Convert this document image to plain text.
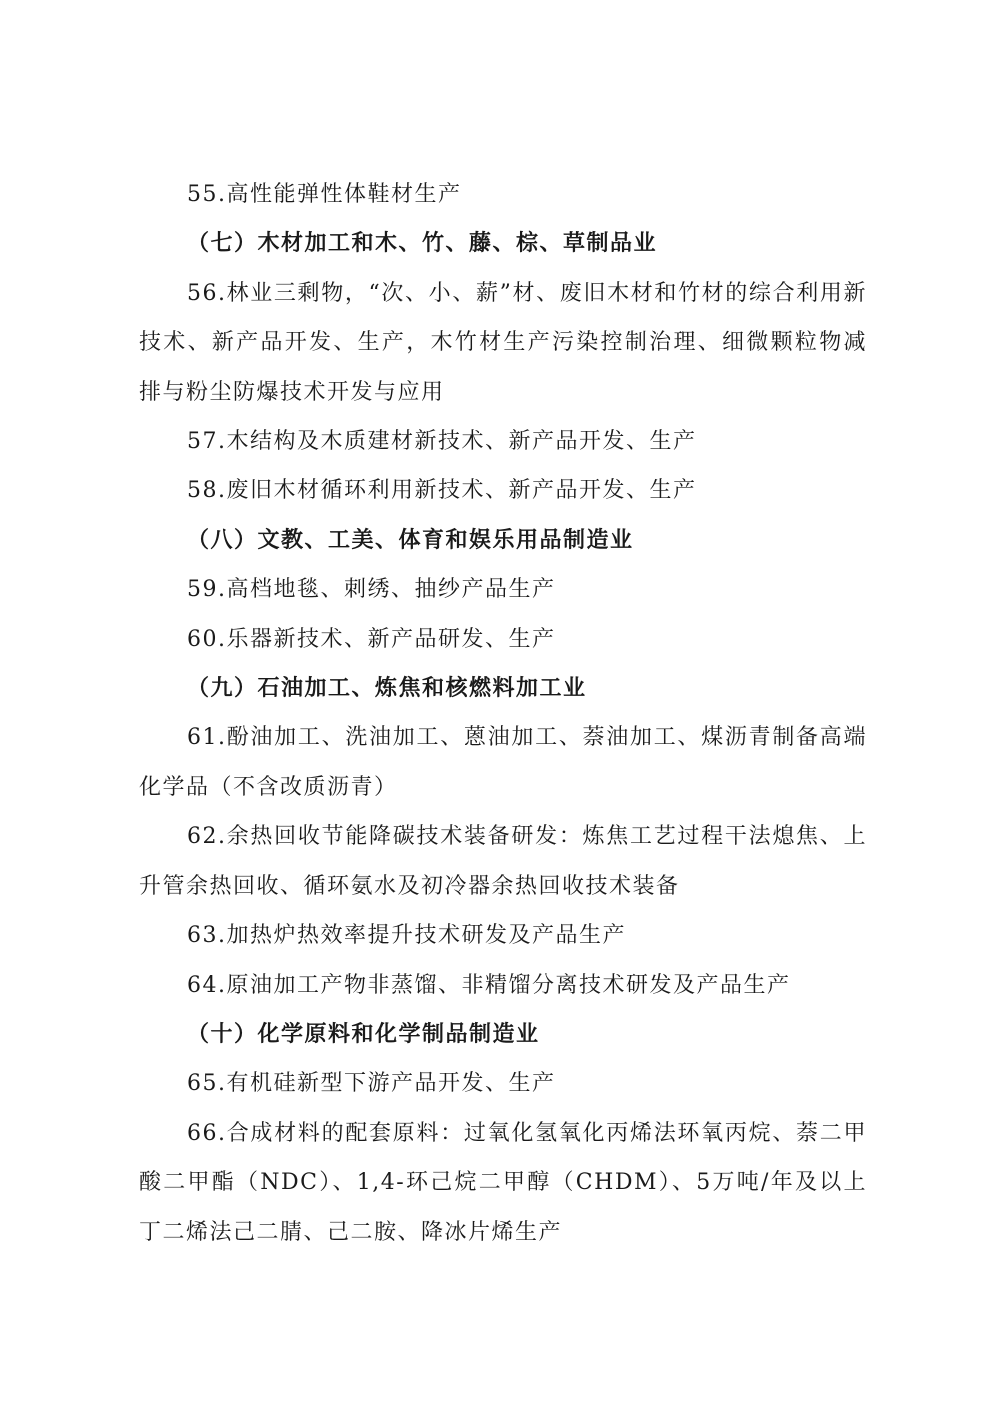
55.高性能弹性体鞋材生产

（七）木材加工和木、竹、藤、棕、草制品业

56.林业三剩物，“次、小、薪”材、废旧木材和竹材的综合利用新技术、新产品开发、生产，木竹材生产污染控制治理、细微颗粒物减排与粉尘防爆技术开发与应用

57.木结构及木质建材新技术、新产品开发、生产

58.废旧木材循环利用新技术、新产品开发、生产

（八）文教、工美、体育和娱乐用品制造业

59.高档地毯、刺绣、抽纱产品生产

60.乐器新技术、新产品研发、生产

（九）石油加工、炼焦和核燃料加工业

61.酚油加工、洗油加工、蒽油加工、萘油加工、煤沥青制备高端化学品（不含改质沥青）

62.余热回收节能降碳技术装备研发：炼焦工艺过程干法熄焦、上升管余热回收、循环氨水及初冷器余热回收技术装备

63.加热炉热效率提升技术研发及产品生产

64.原油加工产物非蒸馏、非精馏分离技术研发及产品生产

（十）化学原料和化学制品制造业

65.有机硅新型下游产品开发、生产

66.合成材料的配套原料：过氧化氢氧化丙烯法环氧丙烷、萘二甲酸二甲酯（NDC）、1,4-环己烷二甲醇（CHDM）、5万吨/年及以上丁二烯法己二腈、己二胺、降冰片烯生产
